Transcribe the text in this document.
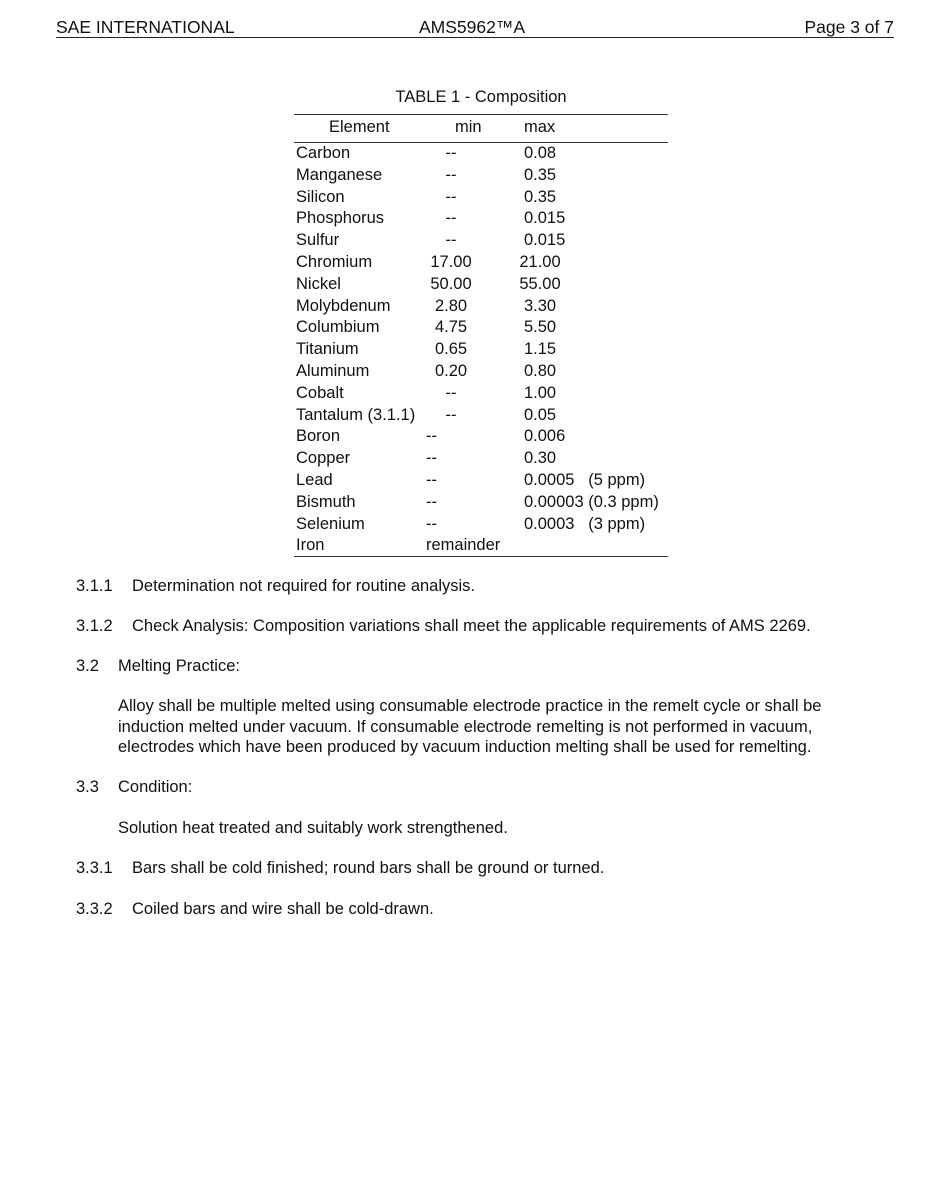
SAE INTERNATIONAL	AMS5962™A	Page 3 of 7
TABLE 1 - Composition
Element	min	max
Carbon	--	0.08
Manganese	--	0.35
Silicon	--	0.35
Phosphorus	--	0.015
Sulfur	--	0.015
Chromium	17.00	21.00
Nickel	50.00	55.00
Molybdenum	2.80	3.30
Columbium	4.75	5.50
Titanium	0.65	1.15
Aluminum	0.20	0.80
Cobalt	--	1.00
Tantalum (3.1.1)	--	0.05
Boron	--	0.006
Copper	--	0.30
Lead	--	0.0005   (5 ppm)
Bismuth	--	0.00003 (0.3 ppm)
Selenium	--	0.0003   (3 ppm)
Iron	remainder
3.1.1 Determination not required for routine analysis.
3.1.2 Check Analysis: Composition variations shall meet the applicable requirements of AMS 2269.
3.2 Melting Practice:
Alloy shall be multiple melted using consumable electrode practice in the remelt cycle or shall be
induction melted under vacuum. If consumable electrode remelting is not performed in vacuum,
electrodes which have been produced by vacuum induction melting shall be used for remelting.
3.3 Condition:
Solution heat treated and suitably work strengthened.
3.3.1 Bars shall be cold finished; round bars shall be ground or turned.
3.3.2 Coiled bars and wire shall be cold-drawn.
